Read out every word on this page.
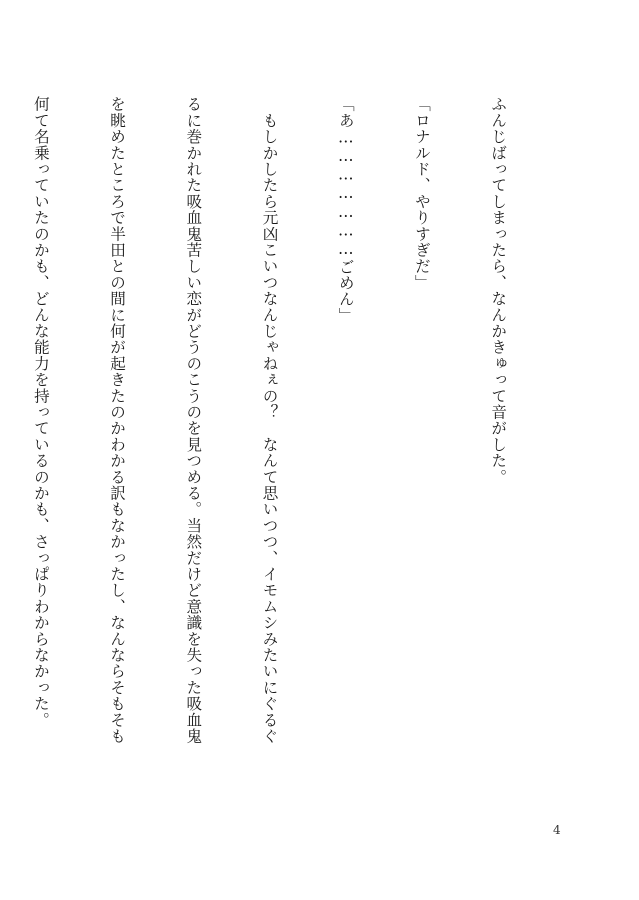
ふんじばってしまったら、なんかきゅって音がした。

「ロナルド、やりすぎだ」

「あ…………………ごめん」

　もしかしたら元凶こいつなんじゃねぇの？　なんて思いつつ、イモムシみたいにぐるぐ

るに巻かれた吸血鬼苦しい恋がどうのこうのを見つめる。当然だけど意識を失った吸血鬼

を眺めたところで半田との間に何が起きたのかわかる訳もなかったし、なんならそもそも

何て名乗っていたのかも、どんな能力を持っているのかも、さっぱりわからなかった。

4
